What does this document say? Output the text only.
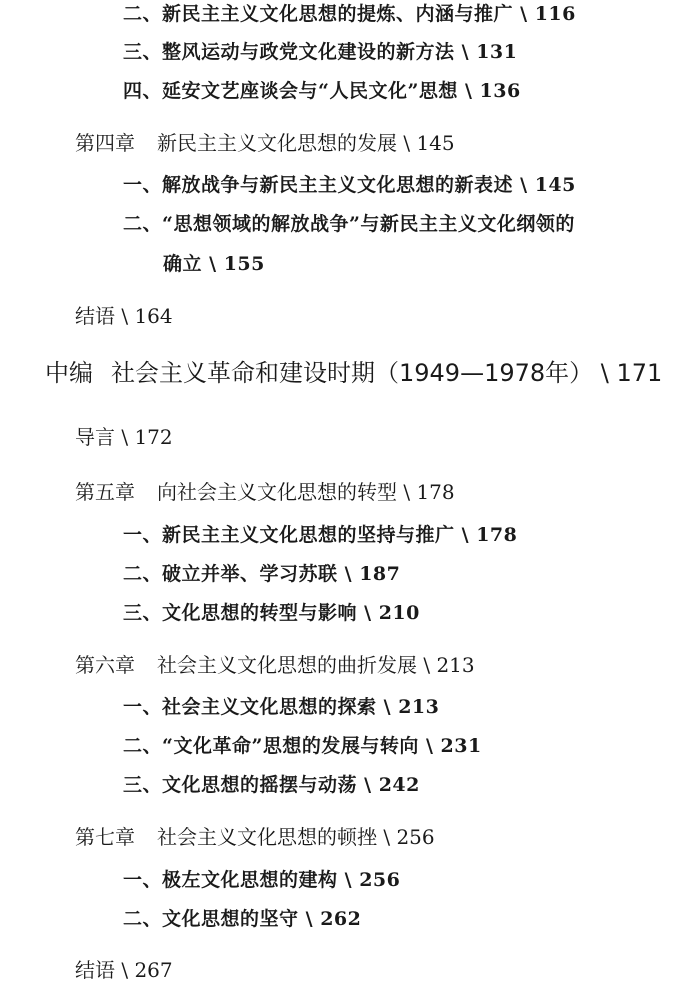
二、新民主主义文化思想的提炼、内涵与推广 \ 116
三、整风运动与政党文化建设的新方法 \ 131
四、延安文艺座谈会与“人民文化”思想 \ 136
第四章 新民主主义文化思想的发展 \ 145
一、解放战争与新民主主义文化思想的新表述 \ 145
二、“思想领域的解放战争”与新民主主义文化纲领的
确立 \ 155
结语 \ 164
中编 社会主义革命和建设时期（1949—1978年） \ 171
导言 \ 172
第五章 向社会主义文化思想的转型 \ 178
一、新民主主义文化思想的坚持与推广 \ 178
二、破立并举、学习苏联 \ 187
三、文化思想的转型与影响 \ 210
第六章 社会主义文化思想的曲折发展 \ 213
一、社会主义文化思想的探索 \ 213
二、“文化革命”思想的发展与转向 \ 231
三、文化思想的摇摆与动荡 \ 242
第七章 社会主义文化思想的顿挫 \ 256
一、极左文化思想的建构 \ 256
二、文化思想的坚守 \ 262
结语 \ 267
